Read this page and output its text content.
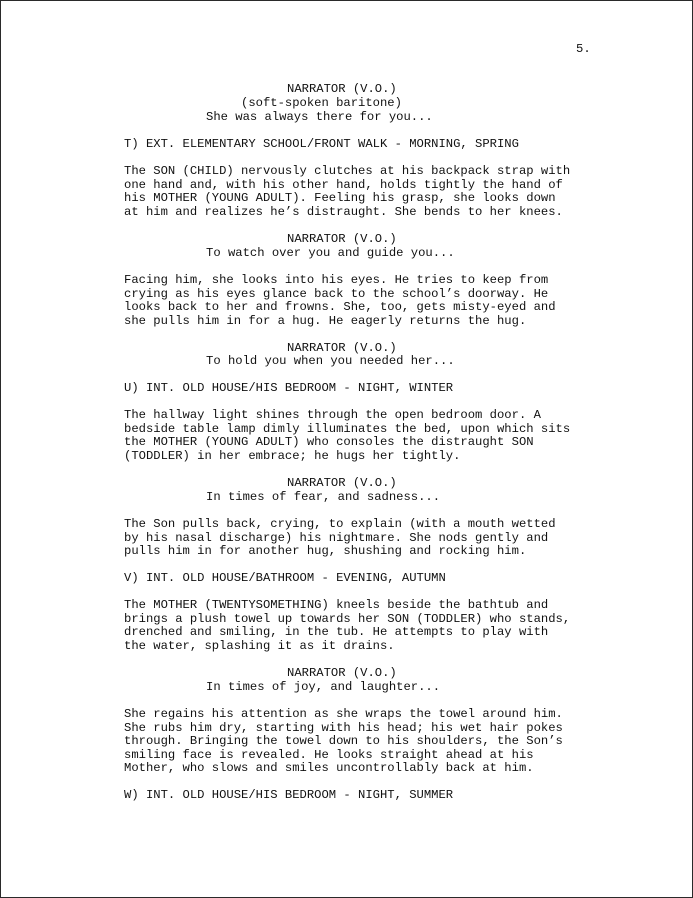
5.

NARRATOR (V.O.)

(soft-spoken baritone)

She was always there for you...

T) EXT. ELEMENTARY SCHOOL/FRONT WALK - MORNING, SPRING

The SON (CHILD) nervously clutches at his backpack strap with
one hand and, with his other hand, holds tightly the hand of
his MOTHER (YOUNG ADULT). Feeling his grasp, she looks down
at him and realizes he’s distraught. She bends to her knees.

NARRATOR (V.O.)

To watch over you and guide you...

Facing him, she looks into his eyes. He tries to keep from
crying as his eyes glance back to the school’s doorway. He
looks back to her and frowns. She, too, gets misty-eyed and
she pulls him in for a hug. He eagerly returns the hug.

NARRATOR (V.O.)

To hold you when you needed her...

U) INT. OLD HOUSE/HIS BEDROOM - NIGHT, WINTER

The hallway light shines through the open bedroom door. A
bedside table lamp dimly illuminates the bed, upon which sits
the MOTHER (YOUNG ADULT) who consoles the distraught SON
(TODDLER) in her embrace; he hugs her tightly.

NARRATOR (V.O.)

In times of fear, and sadness...

The Son pulls back, crying, to explain (with a mouth wetted
by his nasal discharge) his nightmare. She nods gently and
pulls him in for another hug, shushing and rocking him.

V) INT. OLD HOUSE/BATHROOM - EVENING, AUTUMN

The MOTHER (TWENTYSOMETHING) kneels beside the bathtub and
brings a plush towel up towards her SON (TODDLER) who stands,
drenched and smiling, in the tub. He attempts to play with
the water, splashing it as it drains.

NARRATOR (V.O.)

In times of joy, and laughter...

She regains his attention as she wraps the towel around him.
She rubs him dry, starting with his head; his wet hair pokes
through. Bringing the towel down to his shoulders, the Son’s
smiling face is revealed. He looks straight ahead at his
Mother, who slows and smiles uncontrollably back at him.

W) INT. OLD HOUSE/HIS BEDROOM - NIGHT, SUMMER
